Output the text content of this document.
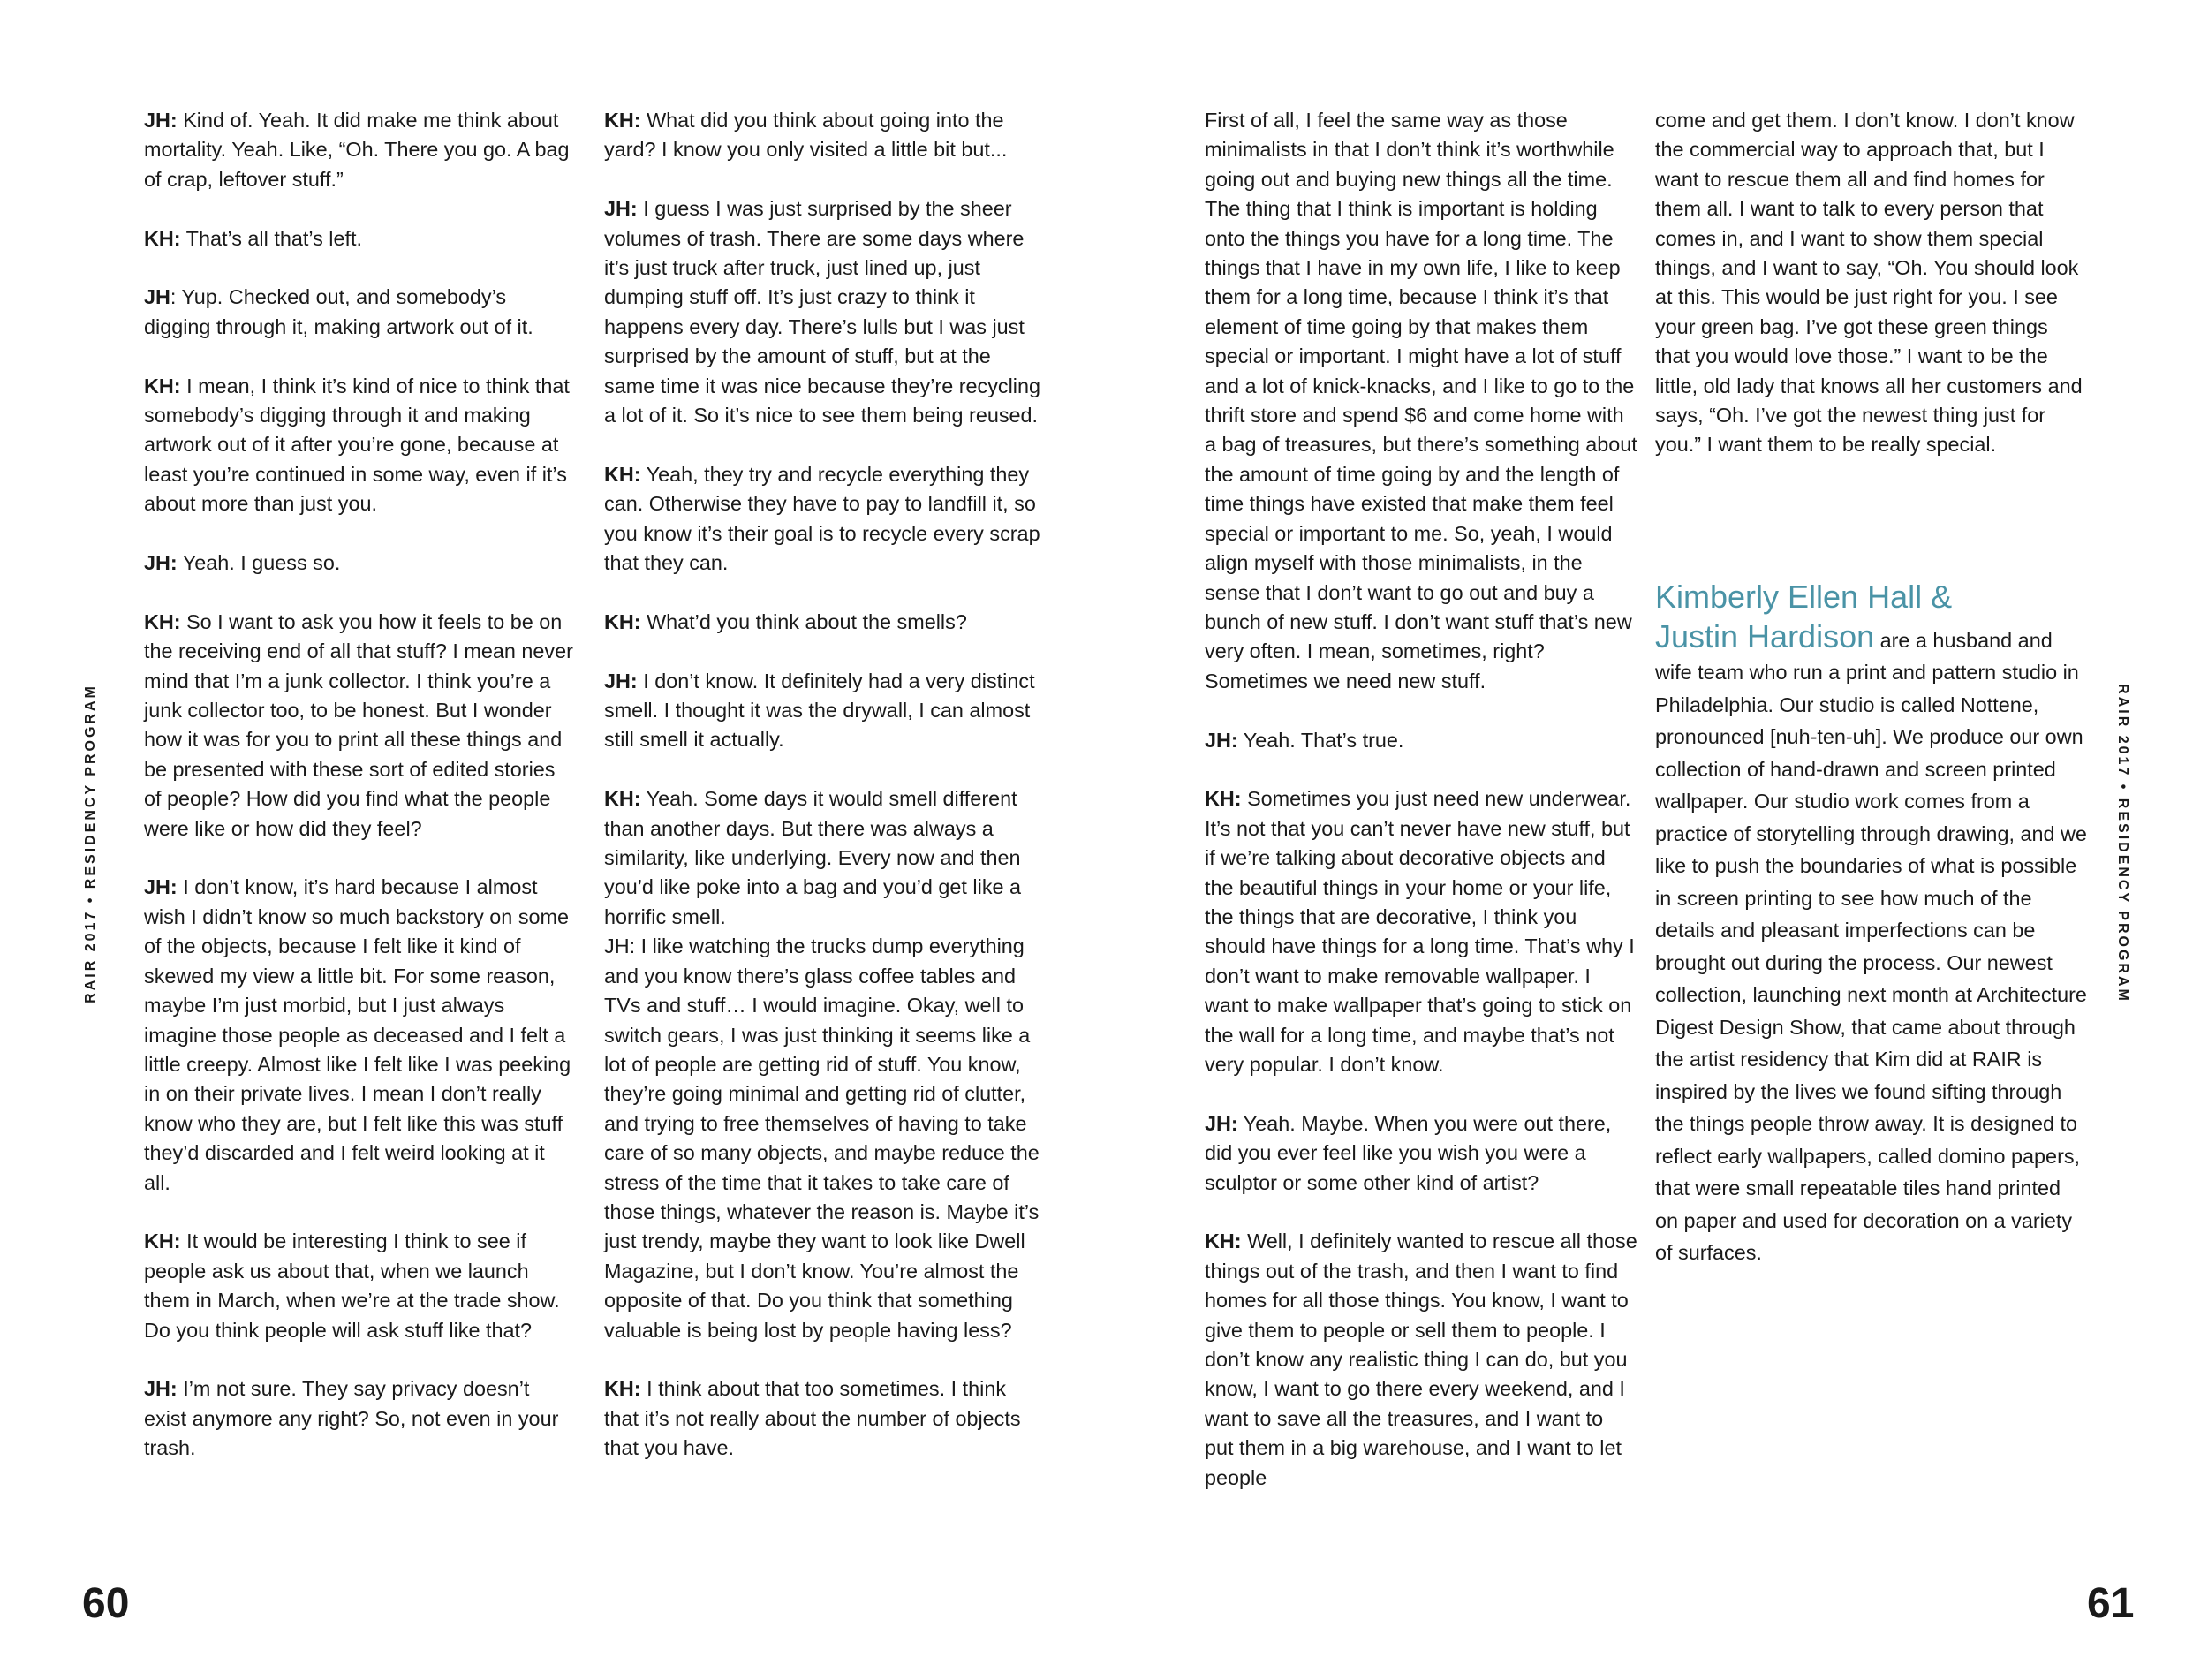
RAIR 2017 • RESIDENCY PROGRAM	RAIR 2017 • RESIDENCY PROGRAM

JH: Kind of. Yeah. It did make me think about mortality. Yeah. Like, “Oh. There you go. A bag of crap, leftover stuff.”

KH: That’s all that’s left.

JH: Yup. Checked out, and somebody’s digging through it, making artwork out of it.

KH: I mean, I think it’s kind of nice to think that somebody’s digging through it and making artwork out of it after you’re gone, because at least you’re continued in some way, even if it’s about more than just you.

JH: Yeah. I guess so.

KH: So I want to ask you how it feels to be on the receiving end of all that stuff? I mean never mind that I’m a junk collector. I think you’re a junk collector too, to be honest. But I wonder how it was for you to print all these things and be presented with these sort of edited stories of people? How did you find what the people were like or how did they feel?

JH: I don’t know, it’s hard because I almost wish I didn’t know so much backstory on some of the objects, because I felt like it kind of skewed my view a little bit. For some reason, maybe I’m just morbid, but I just always imagine those people as deceased and I felt a little creepy. Almost like I felt like I was peeking in on their private lives. I mean I don’t really know who they are, but I felt like this was stuff they’d discarded and I felt weird looking at it all.

KH: It would be interesting I think to see if people ask us about that, when we launch them in March, when we’re at the trade show. Do you think people will ask stuff like that?

JH: I’m not sure. They say privacy doesn’t exist anymore any right? So, not even in your trash.

KH: What did you think about going into the yard? I know you only visited a little bit but...

JH: I guess I was just surprised by the sheer volumes of trash. There are some days where it’s just truck after truck, just lined up, just dumping stuff off. It’s just crazy to think it happens every day. There’s lulls but I was just surprised by the amount of stuff, but at the same time it was nice because they’re recycling a lot of it. So it’s nice to see them being reused.

KH: Yeah, they try and recycle everything they can. Otherwise they have to pay to landfill it, so you know it’s their goal is to recycle every scrap that they can.

KH: What’d you think about the smells?

JH: I don’t know. It definitely had a very distinct smell. I thought it was the drywall, I can almost still smell it actually.

KH: Yeah. Some days it would smell different than another days. But there was always a similarity, like underlying. Every now and then you’d like poke into a bag and you’d get like a horrific smell.

JH: I like watching the trucks dump everything and you know there’s glass coffee tables and TVs and stuff… I would imagine. Okay, well to switch gears, I was just thinking it seems like a lot of people are getting rid of stuff. You know, they’re going minimal and getting rid of clutter, and trying to free themselves of having to take care of so many objects, and maybe reduce the stress of the time that it takes to take care of those things, whatever the reason is. Maybe it’s just trendy, maybe they want to look like Dwell Magazine, but I don’t know. You’re almost the opposite of that. Do you think that something valuable is being lost by people having less?

KH: I think about that too sometimes. I think that it’s not really about the number of objects that you have.

First of all, I feel the same way as those minimalists in that I don’t think it’s worthwhile going out and buying new things all the time. The thing that I think is important is holding onto the things you have for a long time. The things that I have in my own life, I like to keep them for a long time, because I think it’s that element of time going by that makes them special or important. I might have a lot of stuff and a lot of knick-knacks, and I like to go to the thrift store and spend $6 and come home with a bag of treasures, but there’s something about the amount of time going by and the length of time things have existed that make them feel special or important to me. So, yeah, I would align myself with those minimalists, in the sense that I don’t want to go out and buy a bunch of new stuff. I don’t want stuff that’s new very often. I mean, sometimes, right? Sometimes we need new stuff.

JH: Yeah. That’s true.

KH: Sometimes you just need new underwear. It’s not that you can’t never have new stuff, but if we’re talking about decorative objects and the beautiful things in your home or your life, the things that are decorative, I think you should have things for a long time. That’s why I don’t want to make removable wallpaper. I want to make wallpaper that’s going to stick on the wall for a long time, and maybe that’s not very popular. I don’t know.

JH: Yeah. Maybe. When you were out there, did you ever feel like you wish you were a sculptor or some other kind of artist?

KH: Well, I definitely wanted to rescue all those things out of the trash, and then I want to find homes for all those things. You know, I want to give them to people or sell them to people. I don’t know any realistic thing I can do, but you know, I want to go there every weekend, and I want to save all the treasures, and I want to put them in a big warehouse, and I want to let people

come and get them. I don’t know. I don’t know the commercial way to approach that, but I want to rescue them all and find homes for them all. I want to talk to every person that comes in, and I want to show them special things, and I want to say, “Oh. You should look at this. This would be just right for you. I see your green bag. I’ve got these green things that you would love those.” I want to be the little, old lady that knows all her customers and says, “Oh. I’ve got the newest thing just for you.” I want them to be really special.

Kimberly Ellen Hall &
Justin Hardison are a husband and wife team who run a print and pattern studio in Philadelphia. Our studio is called Nottene, pronounced [nuh-ten-uh]. We produce our own collection of hand-drawn and screen printed wallpaper. Our studio work comes from a practice of storytelling through drawing, and we like to push the boundaries of what is possible in screen printing to see how much of the details and pleasant imperfections can be brought out during the process. Our newest collection, launching next month at Architecture Digest Design Show, that came about through the artist residency that Kim did at RAIR is inspired by the lives we found sifting through the things people throw away. It is designed to reflect early wallpapers, called domino papers, that were small repeatable tiles hand printed on paper and used for decoration on a variety of surfaces.
60	61
